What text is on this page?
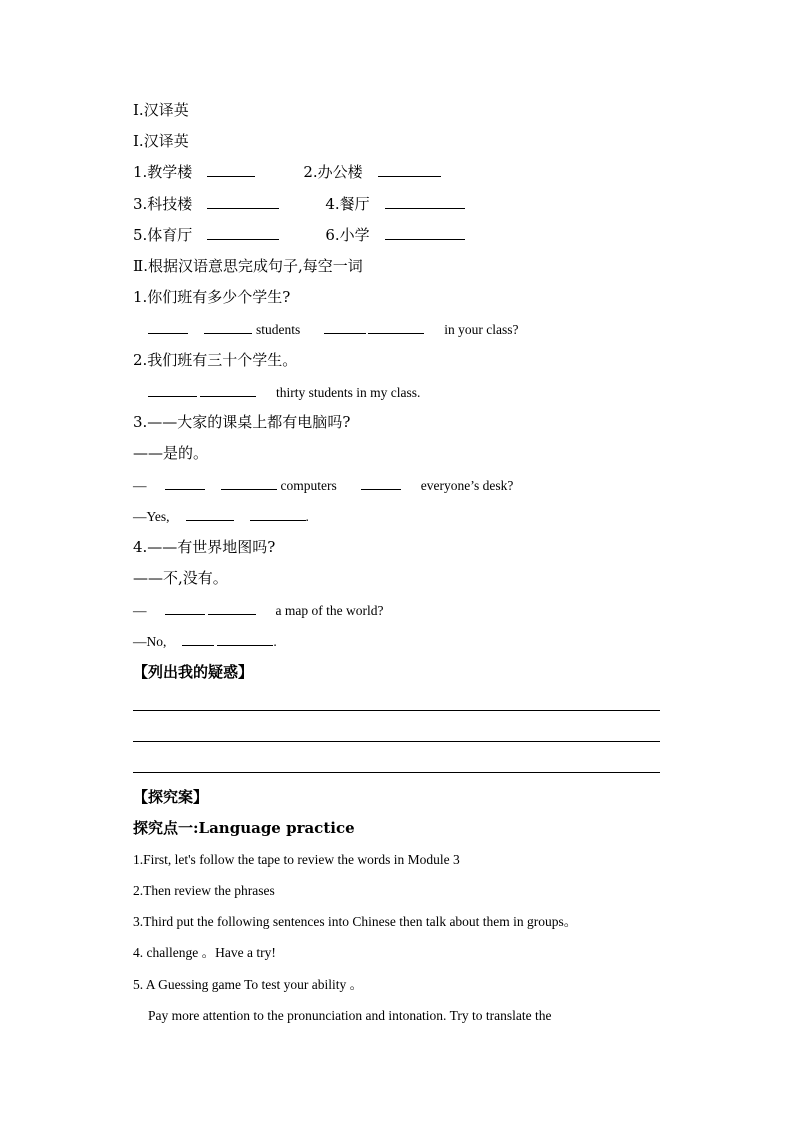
Ⅰ.汉译英
Ⅰ.汉译英
1.教学楼	2.办公楼
3.科技楼	4.餐厅
5.体育厅	6.小学
Ⅱ.根据汉语意思完成句子,每空一词
1.你们班有多少个学生?
students	in your class?
2.我们班有三十个学生。
thirty students in my class.
3.——大家的课桌上都有电脑吗?
——是的。
—	computers	everyone’s desk?
—Yes,	.
4.——有世界地图吗?
——不,没有。
—	a map of the world?
—No,	.
【列出我的疑惑】
【探究案】
探究点一:Language practice
1.First, let's follow the tape to review the words in Module 3
2.Then review the phrases
3.Third put the following sentences into Chinese then talk about them in groups。
4. challenge 。Have a try!
5. A Guessing game To test your ability 。
Pay more attention to the pronunciation and intonation. Try to translate the
